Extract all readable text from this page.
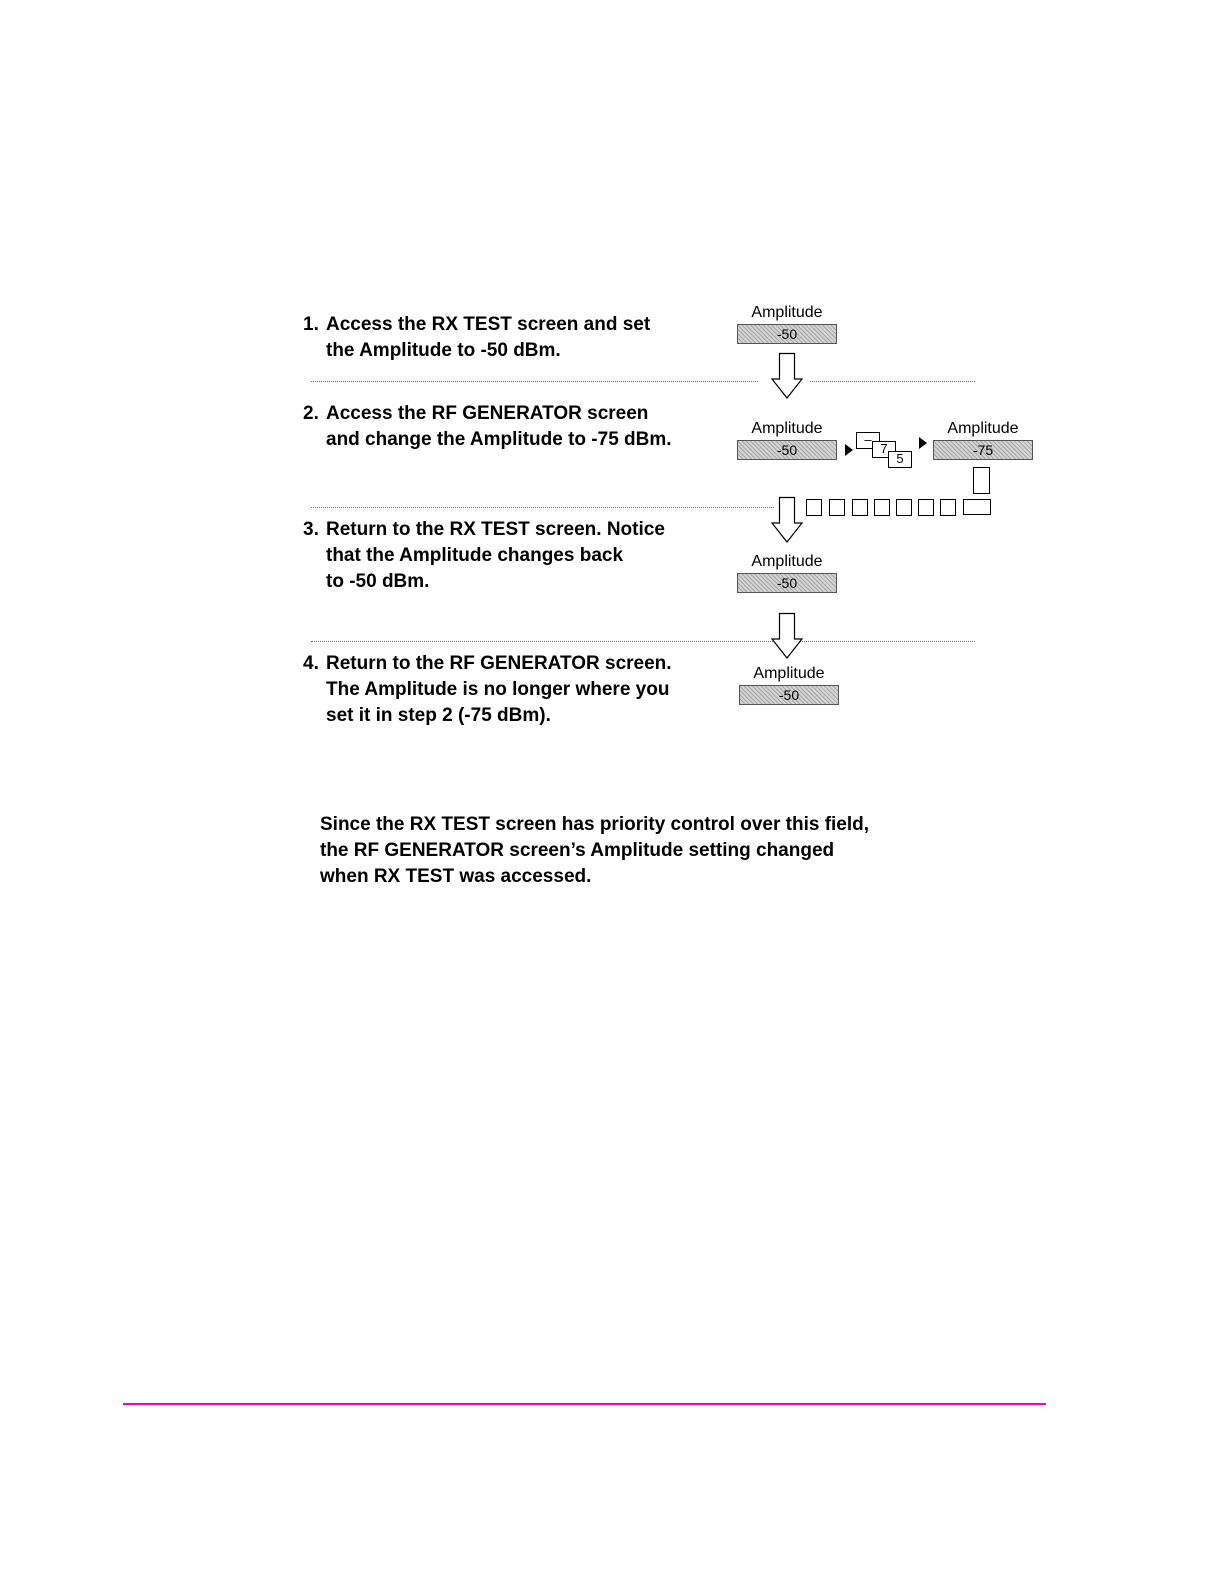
1. Access the RX TEST screen and set
the Amplitude to -50 dBm.
2. Access the RF GENERATOR screen
and change the Amplitude to -75 dBm.
3. Return to the RX TEST screen. Notice
that the Amplitude changes back
to -50 dBm.
4. Return to the RF GENERATOR screen.
The Amplitude is no longer where you
set it in step 2 (-75 dBm).
Amplitude
-50
Amplitude
-50
Amplitude
-75
Amplitude
-50
Amplitude
-50
–
7
5
Since the RX TEST screen has priority control over this field,
the RF GENERATOR screen’s Amplitude setting changed
when RX TEST was accessed.
